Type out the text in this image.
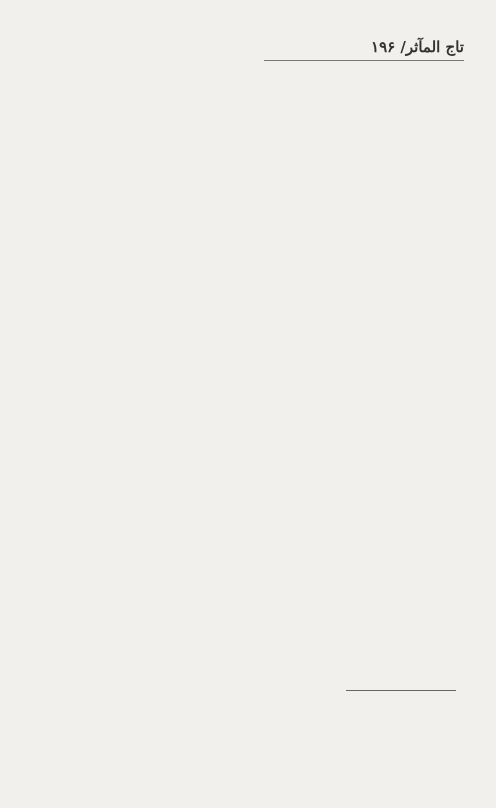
تاج المآثر/ ۱۹۶
